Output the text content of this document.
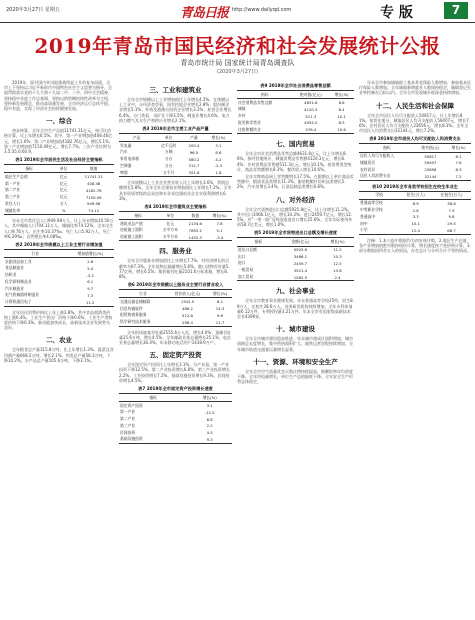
2020年3月27日 星期五	青岛日报 http://www.dailyqd.com	专 版	7
2019年青岛市国民经济和社会发展统计公报
青岛市统计局 国家统计局青岛调查队
(2020年3月27日)

2019年，面对国内外风险挑战明显上升的复杂局面，全市上下坚持以习近平新时代中国特色社会主义思想为指导，全面贯彻落实党的十九大和十九届二中、三中、四中全会精神，坚持稳中求进工作总基调，坚持以供给侧结构性改革为主线，坚持新发展理念，推动高质量发展，全市经济运行总体平稳、稳中有进，实现了经济社会持续健康发展。

一、综合

初步核算，全年全市生产总值11741.31亿元，按可比价格计算，比上年增长6.5%。其中，第一产业增加值408.46亿元，增长1.6%；第二产业增加值4182.76亿元，增长5.1%；第三产业增加值7150.09亿元，增长7.7%。三次产业比例为3.5:35.6:60.9。

表1 2019年全市居民生活及社会经济主要指标
指标	单位	数值
地区生产总值	亿元	11741.31
第一产业	亿元	408.46
第二产业	亿元	4182.76
第三产业	亿元	7150.09
常住人口	万人	949.98
城镇化率	%	74.12

年末全市常住总人口949.98万人，比上年末增加10.50万人，其中城镇人口704.11万人，城镇化率74.12%。全年出生人口9.76万人，出生率10.37‰；死亡人口5.92万人，死亡率6.29‰；自然增长率4.08‰。

表2 2019年全市规模以上工业主要行业增加值
行业	增加值增长(%)
农副食品加工业	2.8
食品制造业	5.4
纺织业	-3.2
化学原料制品业	6.1
汽车制造业	9.7
电气机械器材制造业	7.3
计算机通信电子	11.2

全年居民消费价格比上年上涨2.8%，其中食品烟酒类价格上涨6.4%。工业生产者出厂价格下降0.6%，工业生产者购进价格下降0.3%。新动能加快成长，高新技术企业发展势头良好。

二、农业

全年粮食总产量315.8万吨，比上年增长1.3%。蔬菜及食用菌产量668.2万吨，增长2.1%。肉类总产量58.3万吨，下降10.2%。水产品总产量105.6万吨，下降3.1%。

三、工业和建筑业

全年全市规模以上工业增加值比上年增长4.2%。在规模以上工业中，分经济类型看，国有控股企业增长2.8%；股份制企业增长5.1%；外商及港澳台投资企业增长3.2%；私营企业增长6.4%。分门类看，采矿业下降3.5%，制造业增长4.6%，电力热力燃气及水生产和供应业增长2.1%。

表3 2019年全市主要工业产品产量
产品	单位	产量	增长(%)
发电量	亿千瓦时	200.4	3.1
汽车	万辆	96.5	8.6
家用电冰箱	万台	580.2	4.2
空调器	万台	312.7	-2.3
啤酒	万千升	351.6	1.8

全年规模以上工业企业营业收入比上年增长3.6%，利润总额增长5.8%。全年全社会建筑业增加值比上年增长7.2%。全市具有资质等级的总承包和专业承包建筑业企业实现利润增长6.3%。

表4 2019年全市建筑业主要指标
指标	单位	数值	增长(%)
建筑业总产值	亿元	2134.6	7.8
房屋施工面积	万平方米	7893.2	5.1
房屋竣工面积	万平方米	1452.3	-3.4
四、服务业

全年全市服务业增加值比上年增长7.7%，对经济增长的贡献率为67.3%。全年货物运输量增长5.6%，港口货物吞吐量5.77亿吨，增长6.5%；集装箱吞吐量2101.6万标准箱，增长8.8%。

表6 2019年全市规模以上服务业主要行业营业收入
行业	营业收入(亿元)	增长(%)
交通运输仓储邮政	1342.5	8.1
信息传输软件	486.2	14.3
租赁和商务服务	512.8	9.6
科学研究技术服务	298.4	11.7

全年机场旅客吞吐量2555.6万人次，增长4.0%；货邮吞吐量25.6万吨，增长4.5%。全年邮政业务总量增长25.1%，电信业务总量增长36.4%。年末移动电话用户1438.9万户。

五、固定资产投资

全年固定资产投资比上年增长3.1%。分产业看，第一产业投资下降12.5%，第二产业投资增长6.8%，第三产业投资增长2.2%。工业投资增长7.2%，基础设施投资增长9.3%，民间投资增长4.5%。

表7 2019年全市固定资产投资增长速度
指标	增长(%)
固定资产投资	3.1
第一产业	-12.5
第二产业	6.8
第三产业	2.2
民间投资	4.5
基础设施投资	9.3
表9 2019年全市社会消费品零售总额
指标	绝对值(亿元)	增长(%)
社会消费品零售总额	4631.6	8.6
城镇	4120.3	8.4
乡村	511.3	10.1
批发和零售业	4055.2	8.3
住宿和餐饮业	576.4	10.6
七、国内贸易

全年全市社会消费品零售总额4631.6亿元，比上年增长8.6%。按经营地统计，城镇消费品零售额4120.3亿元，增长8.4%；乡村消费品零售额511.3亿元，增长10.1%。按消费类型统计，商品零售额增长8.3%，餐饮收入增长10.6%。

全年实物商品网上零售额增长17.5%。在限额以上单位商品零售额中，粮油食品类增长11.3%，服装鞋帽针纺织品类增长5.2%，汽车类增长3.4%，石油及制品类增长6.8%。

八、对外经济

全年全市货物进出口总额5925.8亿元，比上年增长11.2%。其中出口3466.1亿元，增长10.3%；进口2459.7亿元，增长12.5%。对“一带一路”沿线国家进出口增长25.6%。全年实际使用外资58.7亿美元，增长1.0%。

表5 2019年全市货物进出口总额及增长速度
指标	金额(亿元)	增长(%)
进出口总额	5925.8	11.2
出口	3466.1	10.3
进口	2459.7	12.5
一般贸易	3521.4	13.6
加工贸易	1082.5	2.4
九、社会事业

全年全市教育事业健康发展。年末普通高等学校25所，招生8.9万人，在校生38.6万人。各类研发机构持续增加，全年专利申请量6.12万件，专利授权量3.21万件。年末全市有国家级高新技术企业4396家。

十、城市建设

全年全市城市建设稳步推进。年末城市建成区面积增加，城市道路总长度增长，集中供热面积扩大。地铁运营里程持续增加，全年城市轨道交通客运量增长显著。

十一、资源、环境和安全生产

全年全市空气质量优良天数比例持续提高，细颗粒物年均浓度下降。全年用电量增长，单位生产总值能耗下降。全年安全生产形势总体稳定。

年末全市参加城镇职工基本养老保险人数增加，参加基本医疗保险人数增加。全年城镇新增就业人数保持稳定，城镇登记失业率控制在目标以内。全年全市发放城乡低保金持续增加。

十二、人民生活和社会保障

全年全市居民人均可支配收入50817元，比上年增长8.1%。按常住地分，城镇居民人均可支配收入59407元，增长7.6%；农村居民人均可支配收入23656元，增长8.3%。全年全市居民人均消费支出32144元，增长7.2%。

表8 2019年全市居民人均可支配收入和消费支出
指标	绝对值(元)	增长(%)
居民人均可支配收入	50817	8.1
城镇居民	59407	7.6
农村居民	23656	8.3
居民人均消费支出	32144	7.2
表10 2019年全市各类学校招生在校生毕业生
学校	招生(万人)	在校生(万人)
普通高等学校	8.9	38.6
中等职业学校	2.6	7.9
普通高中	3.3	9.8
初中	10.1	29.5
小学	12.4	68.7

注释：1.本公报中数据均为初步统计数。2.地区生产总值、各产业增加值绝对数按现价计算，增长速度按不变价格计算。3.部分数据因四舍五入的原因，存在总计与分项合计不等的情况。
